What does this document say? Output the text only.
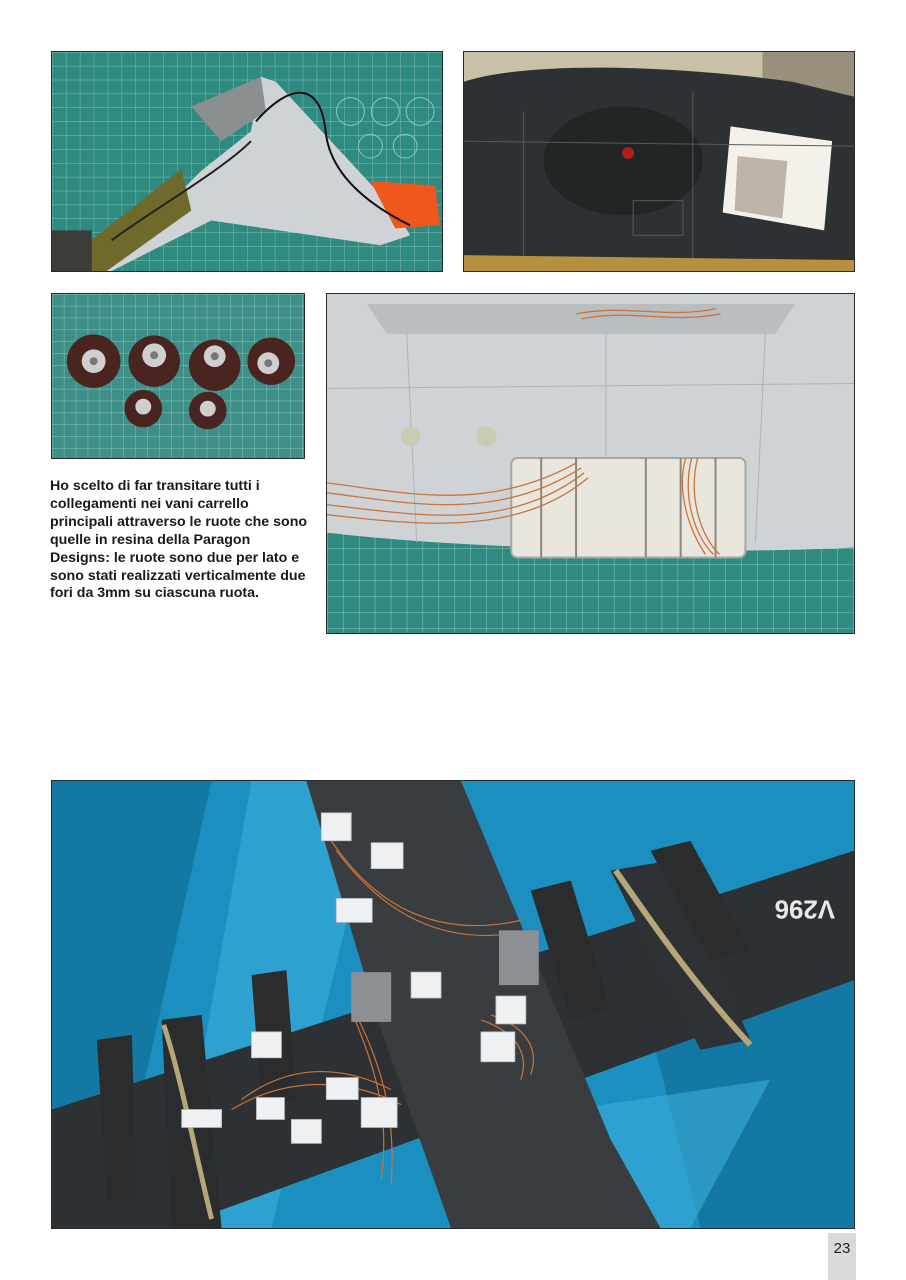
Ho scelto di far transitare tutti i collegamenti nei vani carrello principali attraverso le ruote che sono quelle in resina della Paragon Designs: le ruote sono due per lato e sono stati realizzati verticalmente due fori da 3mm su ciascuna ruota.

V296
23
